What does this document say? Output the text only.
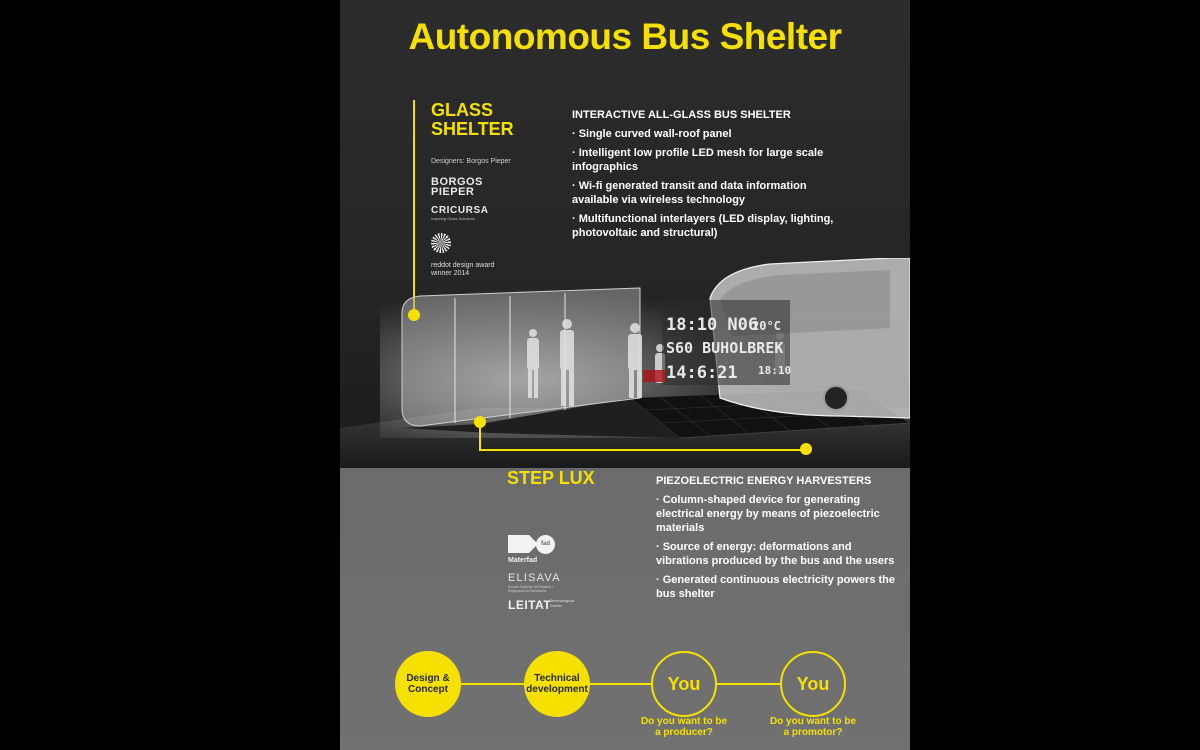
Autonomous Bus Shelter
GLASS
SHELTER
Designers: Borgos Pieper
BORGOS
PIEPER
CRICURSA
Inspiring Glass Solutions
reddot design award
winner 2014
INTERACTIVE ALL-GLASS BUS SHELTER
· Single curved wall-roof panel
· Intelligent low profile LED mesh for large scale infographics
· Wi-fi generated transit and data information available via wireless technology
· Multifunctional interlayers (LED display, lighting, photovoltaic and structural)
18:10 N06
20°C
S60 BUHOLBREK
14:6:21 18:10
STEP LUX	PIEZOELECTRIC ENERGY HARVESTERS
· Column-shaped device for generating electrical energy by means of piezoelectric materials
· Source of energy: deformations and vibrations produced by the bus and the users
· Generated continuous electricity powers the bus shelter
fad
Materfad
ELISAVA
Escola Superior de Disseny i Enginyeria de Barcelona
LEITAT
Technological Center
Design & Concept
Technical development	You	You
Do you want to be a producer?
Do you want to be a promotor?
